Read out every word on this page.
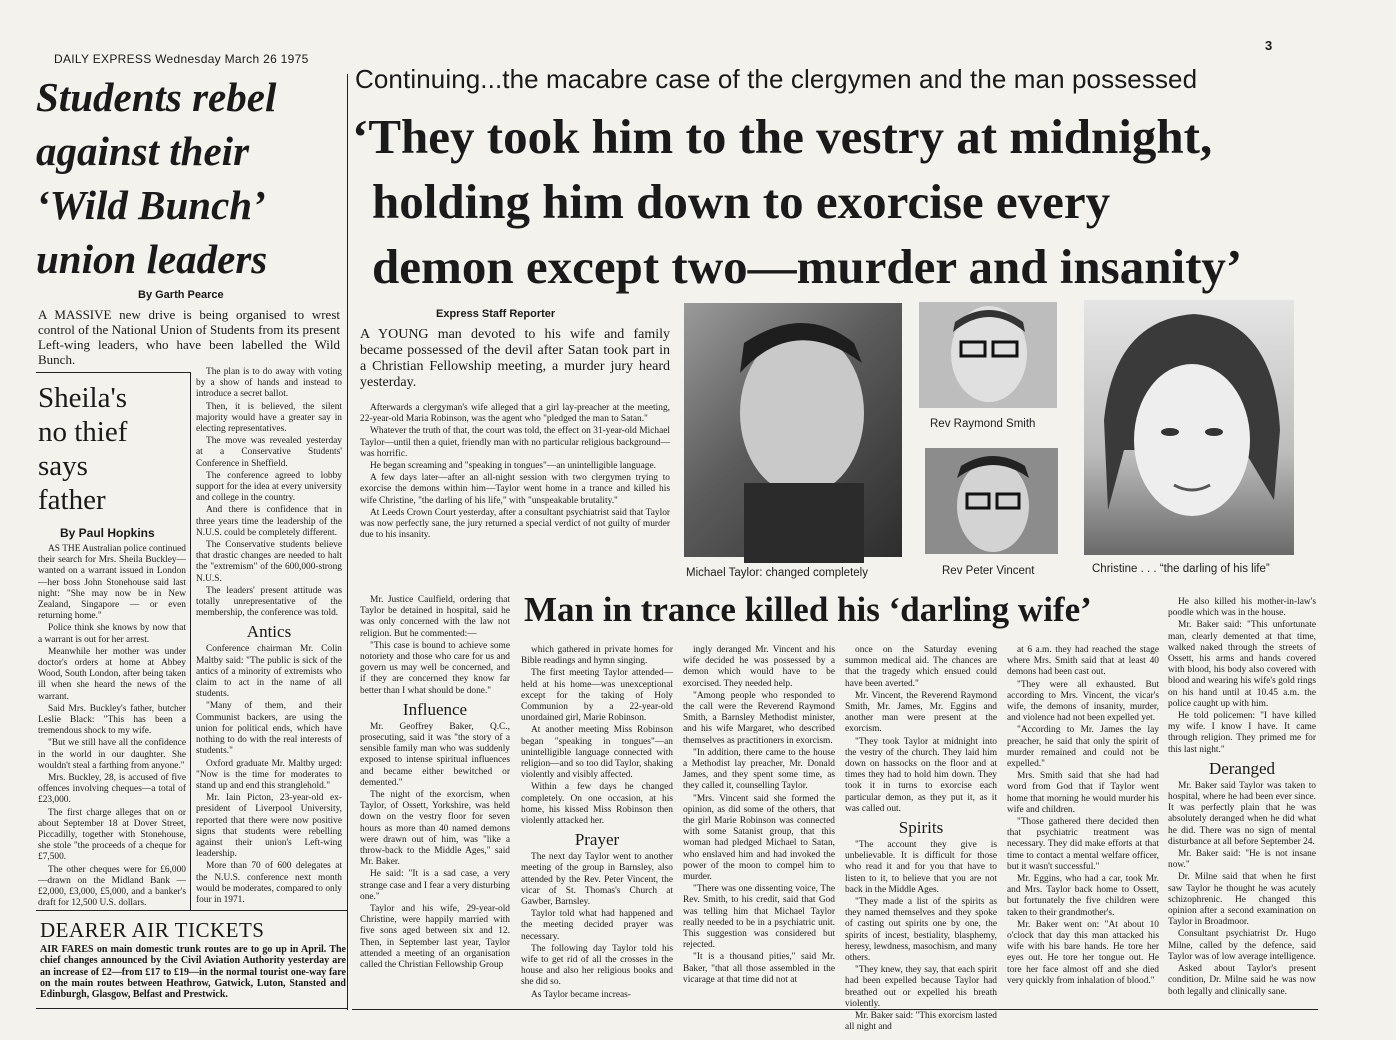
DAILY EXPRESS Wednesday March 26 1975
3
Students rebel
against their
‘Wild Bunch’
union leaders
By Garth Pearce
A MASSIVE new drive is being organised to wrest control of the National Union of Students from its present Left-wing leaders, who have been labelled the Wild Bunch.
Sheila's
no thief
says
father
By Paul Hopkins

AS THE Australian police continued their search for Mrs. Sheila Buckley—wanted on a warrant issued in London—her boss John Stonehouse said last night: "She may now be in New Zealand, Singapore — or even returning home."

Police think she knows by now that a warrant is out for her arrest.

Meanwhile her mother was under doctor's orders at home at Abbey Wood, South London, after being taken ill when she heard the news of the warrant.

Said Mrs. Buckley's father, butcher Leslie Black: "This has been a tremendous shock to my wife.

"But we still have all the confidence in the world in our daughter. She wouldn't steal a farthing from anyone."

Mrs. Buckley, 28, is accused of five offences involving cheques—a total of £23,000.

The first charge alleges that on or about September 18 at Dover Street, Piccadilly, together with Stonehouse, she stole "the proceeds of a cheque for £7,500.

The other cheques were for £6,000—drawn on the Midland Bank — £2,000, £3,000, £5,000, and a banker's draft for 12,500 U.S. dollars.

The plan is to do away with voting by a show of hands and instead to introduce a secret ballot.

Then, it is believed, the silent majority would have a greater say in electing representatives.

The move was revealed yesterday at a Conservative Students' Conference in Sheffield.

The conference agreed to lobby support for the idea at every university and college in the country.

And there is confidence that in three years time the leadership of the N.U.S. could be completely different.

The Conservative students believe that drastic changes are needed to halt the "extremism" of the 600,000-strong N.U.S.

The leaders' present attitude was totally unrepresentative of the membership, the conference was told.

Antics

Conference chairman Mr. Colin Maltby said: "The public is sick of the antics of a minority of extremists who claim to act in the name of all students.

"Many of them, and their Communist backers, are using the union for political ends, which have nothing to do with the real interests of students."

Oxford graduate Mr. Maltby urged: "Now is the time for moderates to stand up and end this stranglehold."

Mr. Iain Picton, 23-year-old ex-president of Liverpool University, reported that there were now positive signs that students were rebelling against their union's Left-wing leadership.

More than 70 of 600 delegates at the N.U.S. conference next month would be moderates, compared to only four in 1971.

DEARER AIR TICKETS
AIR FARES on main domestic trunk routes are to go up in April. The chief changes announced by the Civil Aviation Authority yesterday are an increase of £2—from £17 to £19—in the normal tourist one-way fare on the main routes between Heathrow, Gatwick, Luton, Stansted and Edinburgh, Glasgow, Belfast and Prestwick.
Continuing...the macabre case of the clergymen and the man possessed
‘They took him to the vestry at midnight,
holding him down to exorcise every
demon except two—murder and insanity’
Express Staff Reporter
A YOUNG man devoted to his wife and family became possessed of the devil after Satan took part in a Christian Fellowship meeting, a murder jury heard yesterday.

Afterwards a clergyman's wife alleged that a girl lay-preacher at the meeting, 22-year-old Maria Robinson, was the agent who "pledged the man to Satan."

Whatever the truth of that, the court was told, the effect on 31-year-old Michael Taylor—until then a quiet, friendly man with no particular religious background—was horrific.

He began screaming and "speaking in tongues"—an unintelligible language.

A few days later—after an all-night session with two clergymen trying to exorcise the demons within him—Taylor went home in a trance and killed his wife Christine, "the darling of his life," with "unspeakable brutality."

At Leeds Crown Court yesterday, after a consultant psychiatrist said that Taylor was now perfectly sane, the jury returned a special verdict of not guilty of murder due to his insanity.

Mr. Justice Caulfield, ordering that Taylor be detained in hospital, said he was only concerned with the law not religion. But he commented:—

"This case is bound to achieve some notoriety and those who care for us and govern us may well be concerned, and if they are concerned they know far better than I what should be done."

Influence

Mr. Geoffrey Baker, Q.C., prosecuting, said it was "the story of a sensible family man who was suddenly exposed to intense spiritual influences and became either bewitched or demented."

The night of the exorcism, when Taylor, of Ossett, Yorkshire, was held down on the vestry floor for seven hours as more than 40 named demons were drawn out of him, was "like a throw-back to the Middle Ages," said Mr. Baker.

He said: "It is a sad case, a very strange case and I fear a very disturbing one."

Taylor and his wife, 29-year-old Christine, were happily married with five sons aged between six and 12. Then, in September last year, Taylor attended a meeting of an organisation called the Christian Fellowship Group

Rev Raymond Smith
Michael Taylor: changed completely	Rev Peter Vincent	Christine . . . “the darling of his life”
Man in trance killed his ‘darling wife’

which gathered in private homes for Bible readings and hymn singing.

The first meeting Taylor attended—held at his home—was unexceptional except for the taking of Holy Communion by a 22-year-old unordained girl, Marie Robinson.

At another meeting Miss Robinson began "speaking in tongues"—an unintelligible language connected with religion—and so too did Taylor, shaking violently and visibly affected.

Within a few days he changed completely. On one occasion, at his home, his kissed Miss Robinson then violently attacked her.

Prayer

The next day Taylor went to another meeting of the group in Barnsley, also attended by the Rev. Peter Vincent, the vicar of St. Thomas's Church at Gawber, Barnsley.

Taylor told what had happened and the meeting decided prayer was necessary.

The following day Taylor told his wife to get rid of all the crosses in the house and also her religious books and she did so.

As Taylor became increas-

ingly deranged Mr. Vincent and his wife decided he was possessed by a demon which would have to be exorcised. They needed help.

"Among people who responded to the call were the Reverend Raymond Smith, a Barnsley Methodist minister, and his wife Margaret, who described themselves as practitioners in exorcism.

"In addition, there came to the house a Methodist lay preacher, Mr. Donald James, and they spent some time, as they called it, counselling Taylor.

"Mrs. Vincent said she formed the opinion, as did some of the others, that the girl Marie Robinson was connected with some Satanist group, that this woman had pledged Michael to Satan, who enslaved him and had invoked the power of the moon to compel him to murder.

"There was one dissenting voice, The Rev. Smith, to his credit, said that God was telling him that Michael Taylor really needed to be in a psychiatric unit. This suggestion was considered but rejected.

"It is a thousand pities," said Mr. Baker, "that all those assembled in the vicarage at that time did not at

once on the Saturday evening summon medical aid. The chances are that the tragedy which ensued could have been averted."

Mr. Vincent, the Reverend Raymond Smith, Mr. James, Mr. Eggins and another man were present at the exorcism.

"They took Taylor at midnight into the vestry of the church. They laid him down on hassocks on the floor and at times they had to hold him down. They took it in turns to exorcise each particular demon, as they put it, as it was called out.

Spirits

"The account they give is unbelievable. It is difficult for those who read it and for you that have to listen to it, to believe that you are not back in the Middle Ages.

"They made a list of the spirits as they named themselves and they spoke of casting out spirits one by one, the spirits of incest, bestiality, blasphemy, heresy, lewdness, masochism, and many others.

"They knew, they say, that each spirit had been expelled because Taylor had breathed out or expelled his breath violently.

Mr. Baker said: "This exorcism lasted all night and

at 6 a.m. they had reached the stage where Mrs. Smith said that at least 40 demons had been cast out.

"They were all exhausted. But according to Mrs. Vincent, the vicar's wife, the demons of insanity, murder, and violence had not been expelled yet.

"According to Mr. James the lay preacher, he said that only the spirit of murder remained and could not be expelled."

Mrs. Smith said that she had had word from God that if Taylor went home that morning he would murder his wife and children.

"Those gathered there decided then that psychiatric treatment was necessary. They did make efforts at that time to contact a mental welfare officer, but it wasn't successful."

Mr. Eggins, who had a car, took Mr. and Mrs. Taylor back home to Ossett, but fortunately the five children were taken to their grandmother's.

Mr. Baker went on: "At about 10 o'clock that day this man attacked his wife with his bare hands. He tore her eyes out. He tore her tongue out. He tore her face almost off and she died very quickly from inhalation of blood."

He also killed his mother-in-law's poodle which was in the house.

Mr. Baker said: "This unfortunate man, clearly demented at that time, walked naked through the streets of Ossett, his arms and hands covered with blood, his body also covered with blood and wearing his wife's gold rings on his hand until at 10.45 a.m. the police caught up with him.

He told policemen: "I have killed my wife. I know I have. It came through religion. They primed me for this last night."

Deranged

Mr. Baker said Taylor was taken to hospital, where he had been ever since. It was perfectly plain that he was absolutely deranged when he did what he did. There was no sign of mental disturbance at all before September 24.

Mr. Baker said: "He is not insane now."

Dr. Milne said that when he first saw Taylor he thought he was acutely schizophrenic. He changed this opinion after a second examination on Taylor in Broadmoor.

Consultant psychiatrist Dr. Hugo Milne, called by the defence, said Taylor was of low average intelligence.

Asked about Taylor's present condition, Dr. Milne said he was now both legally and clinically sane.
